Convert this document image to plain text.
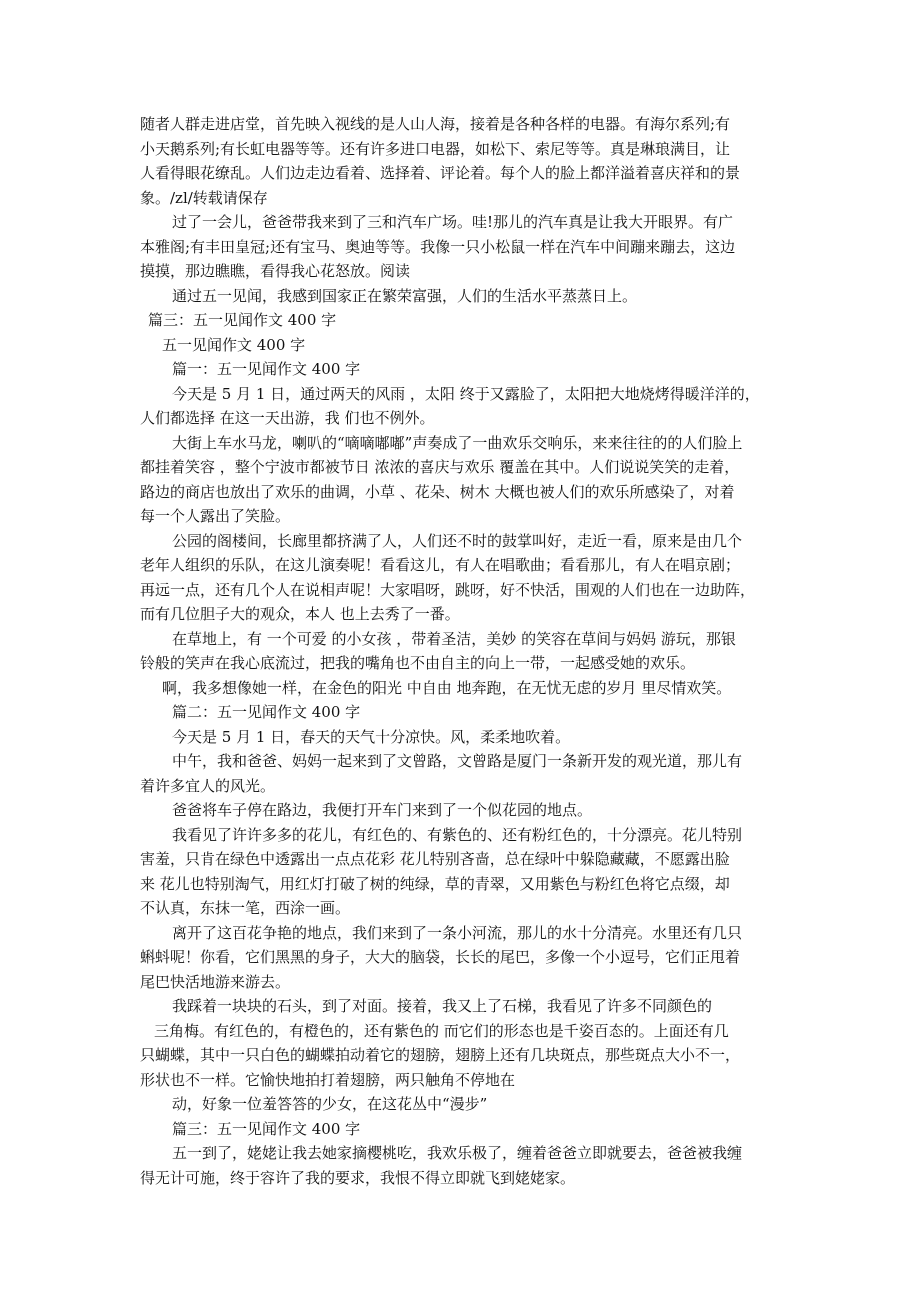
随者人群走进店堂，首先映入视线的是人山人海，接着是各种各样的电器。有海尔系列;有
小天鹅系列;有长虹电器等等。还有许多进口电器，如松下、索尼等等。真是琳琅满目，让
人看得眼花缭乱。人们边走边看着、选择着、评论着。每个人的脸上都洋溢着喜庆祥和的景
象。/zl/转载请保存
过了一会儿，爸爸带我来到了三和汽车广场。哇!那儿的汽车真是让我大开眼界。有广
本雅阁;有丰田皇冠;还有宝马、奥迪等等。我像一只小松鼠一样在汽车中间蹦来蹦去，这边
摸摸，那边瞧瞧，看得我心花怒放。阅读
通过五一见闻，我感到国家正在繁荣富强，人们的生活水平蒸蒸日上。
篇三：五一见闻作文 400 字
五一见闻作文 400 字
篇一：五一见闻作文 400 字
今天是 5 月 1 日，通过两天的风雨 ，太阳 终于又露脸了，太阳把大地烧烤得暖洋洋的，
人们都选择 在这一天出游，我 们也不例外。
大街上车水马龙，喇叭的“嘀嘀嘟嘟”声奏成了一曲欢乐交响乐，来来往往的的人们脸上
都挂着笑容 ，整个宁波市都被节日 浓浓的喜庆与欢乐 覆盖在其中。人们说说笑笑的走着，
路边的商店也放出了欢乐的曲调，小草 、花朵、树木 大概也被人们的欢乐所感染了，对着
每一个人露出了笑脸。
公园的阁楼间，长廊里都挤满了人，人们还不时的鼓掌叫好，走近一看，原来是由几个
老年人组织的乐队，在这儿演奏呢！看看这儿，有人在唱歌曲；看看那儿，有人在唱京剧；
再远一点，还有几个人在说相声呢！大家唱呀，跳呀，好不快活，围观的人们也在一边助阵，
而有几位胆子大的观众，本人 也上去秀了一番。
在草地上，有 一个可爱 的小女孩 ，带着圣洁，美妙 的笑容在草间与妈妈 游玩，那银
铃般的笑声在我心底流过，把我的嘴角也不由自主的向上一带，一起感受她的欢乐。
啊，我多想像她一样，在金色的阳光 中自由 地奔跑，在无忧无虑的岁月 里尽情欢笑。
篇二：五一见闻作文 400 字
今天是 5 月 1 日，春天的天气十分凉快。风，柔柔地吹着。
中午，我和爸爸、妈妈一起来到了文曾路，文曾路是厦门一条新开发的观光道，那儿有
着许多宜人的风光。
爸爸将车子停在路边，我便打开车门来到了一个似花园的地点。
我看见了许许多多的花儿，有红色的、有紫色的、还有粉红色的，十分漂亮。花儿特别
害羞，只肯在绿色中透露出一点点花彩 花儿特别吝啬，总在绿叶中躲隐藏藏，不愿露出脸
来 花儿也特别淘气，用红灯打破了树的纯绿，草的青翠，又用紫色与粉红色将它点缀，却
不认真，东抹一笔，西涂一画。
离开了这百花争艳的地点，我们来到了一条小河流，那儿的水十分清亮。水里还有几只
蝌蚪呢！你看，它们黑黑的身子，大大的脑袋，长长的尾巴，多像一个小逗号，它们正甩着
尾巴快活地游来游去。
我踩着一块块的石头，到了对面。接着，我又上了石梯，我看见了许多不同颜色的
三角梅。有红色的，有橙色的，还有紫色的 而它们的形态也是千姿百态的。上面还有几
只蝴蝶，其中一只白色的蝴蝶拍动着它的翅膀，翅膀上还有几块斑点，那些斑点大小不一，
形状也不一样。它愉快地拍打着翅膀，两只触角不停地在
动，好象一位羞答答的少女，在这花丛中“漫步”
篇三：五一见闻作文 400 字
五一到了，姥姥让我去她家摘樱桃吃，我欢乐极了，缠着爸爸立即就要去，爸爸被我缠
得无计可施，终于容许了我的要求，我恨不得立即就飞到姥姥家。
